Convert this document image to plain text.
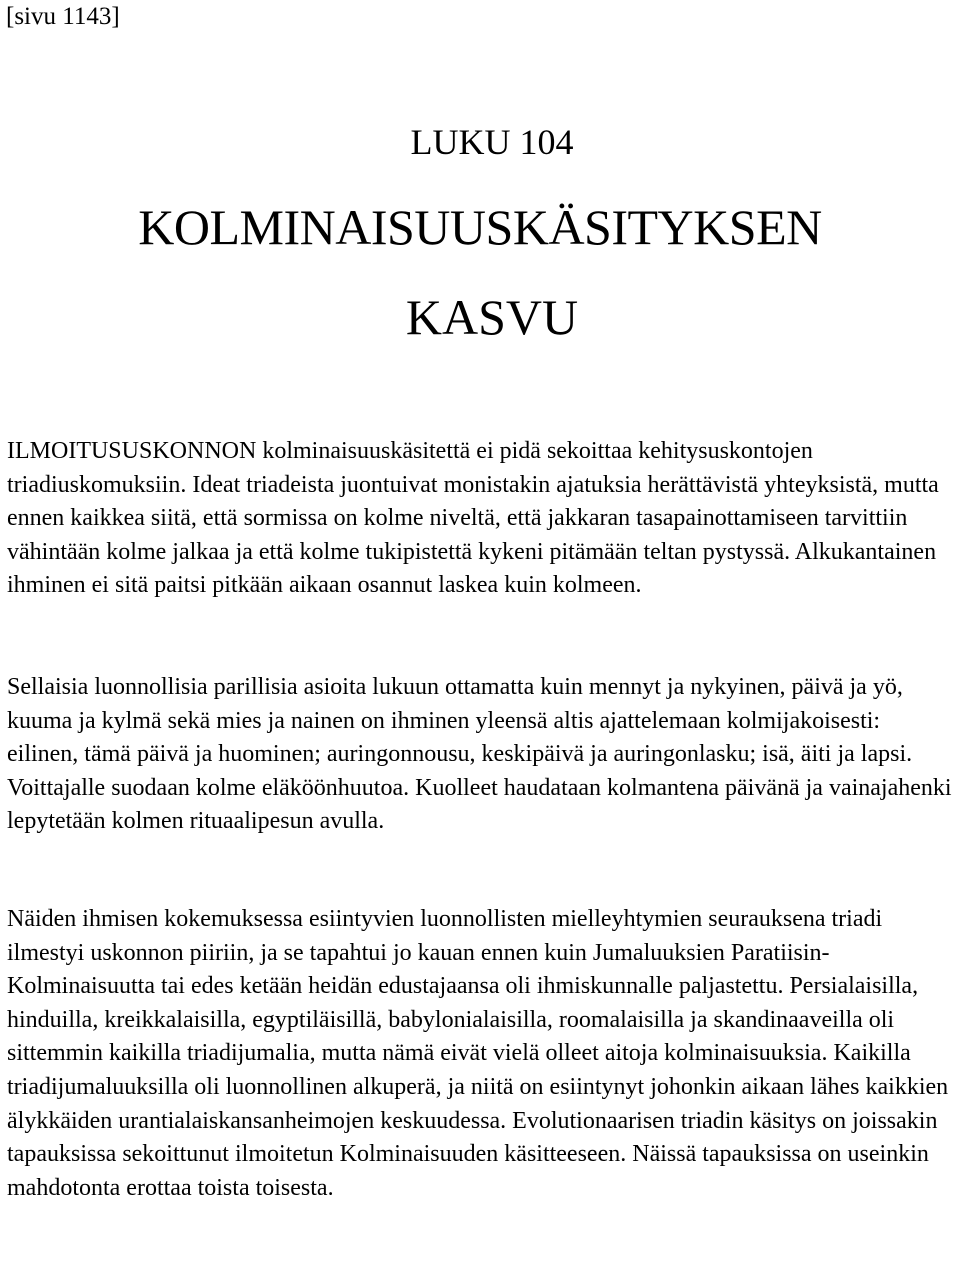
[sivu 1143]

LUKU 104
KOLMINAISUUSKÄSITYKSEN
KASVU

ILMOITUSUSKONNON kolminaisuuskäsitettä ei pidä sekoittaa kehitysuskontojen triadiuskomuksiin. Ideat triadeista juontuivat monistakin ajatuksia herättävistä yhteyksistä, mutta ennen kaikkea siitä, että sormissa on kolme niveltä, että jakkaran tasapainottamiseen tarvittiin vähintään kolme jalkaa ja että kolme tukipistettä kykeni pitämään teltan pystyssä. Alkukantainen ihminen ei sitä paitsi pitkään aikaan osannut laskea kuin kolmeen.

Sellaisia luonnollisia parillisia asioita lukuun ottamatta kuin mennyt ja nykyinen, päivä ja yö, kuuma ja kylmä sekä mies ja nainen on ihminen yleensä altis ajattelemaan kolmijakoisesti: eilinen, tämä päivä ja huominen; auringonnousu, keskipäivä ja auringonlasku; isä, äiti ja lapsi. Voittajalle suodaan kolme eläköönhuutoa. Kuolleet haudataan kolmantena päivänä ja vainajahenki lepytetään kolmen rituaalipesun avulla.

Näiden ihmisen kokemuksessa esiintyvien luonnollisten mielleyhtymien seurauksena triadi ilmestyi uskonnon piiriin, ja se tapahtui jo kauan ennen kuin Jumaluuksien Paratiisin-Kolminaisuutta tai edes ketään heidän edustajaansa oli ihmiskunnalle paljastettu. Persialaisilla, hinduilla, kreikkalaisilla, egyptiläisillä, babylonialaisilla, roomalaisilla ja skandinaaveilla oli sittemmin kaikilla triadijumalia, mutta nämä eivät vielä olleet aitoja kolminaisuuksia. Kaikilla triadijumaluuksilla oli luonnollinen alkuperä, ja niitä on esiintynyt johonkin aikaan lähes kaikkien älykkäiden urantialaiskansanheimojen keskuudessa. Evolutionaarisen triadin käsitys on joissakin tapauksissa sekoittunut ilmoitetun Kolminaisuuden käsitteeseen. Näissä tapauksissa on useinkin mahdotonta erottaa toista toisesta.
